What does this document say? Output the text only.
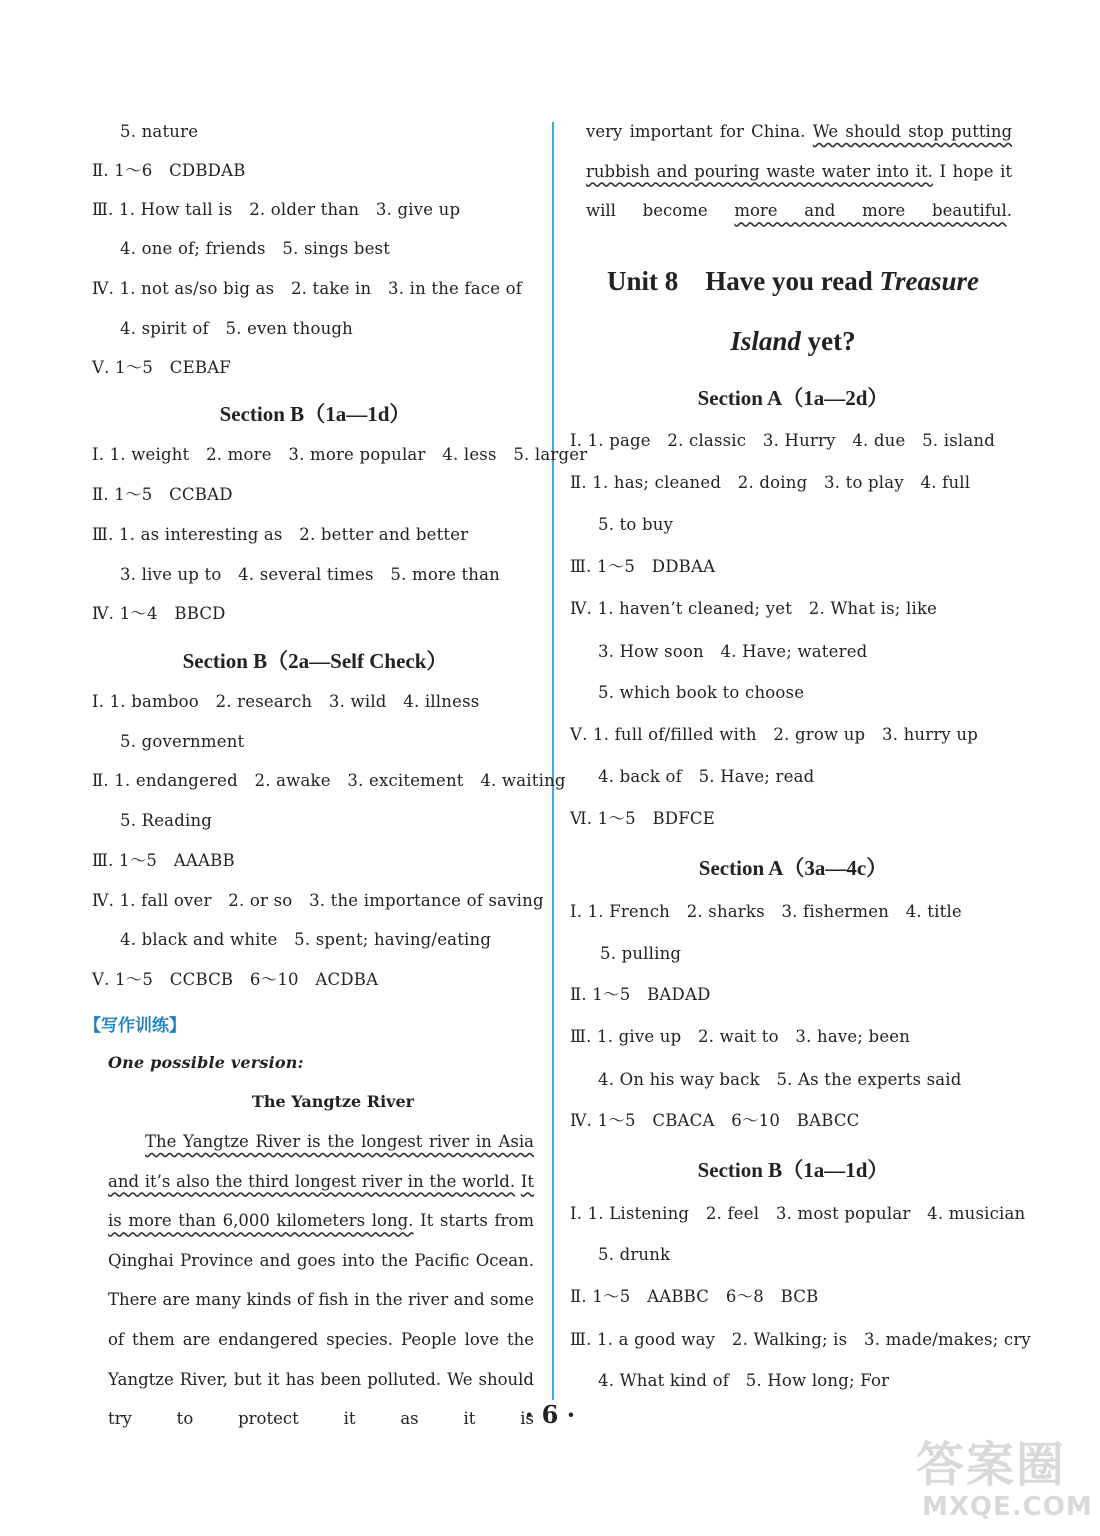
5. nature
Ⅱ. 1～6　CDBDAB
Ⅲ. 1. How tall is　2. older than　3. give up
4. one of; friends　5. sings best
Ⅳ. 1. not as/so big as　2. take in　3. in the face of
4. spirit of　5. even though
Ⅴ. 1～5　CEBAF
Section B（1a—1d）
Ⅰ. 1. weight　2. more　3. more popular　4. less　5. larger
Ⅱ. 1～5　CCBAD
Ⅲ. 1. as interesting as　2. better and better
3. live up to　4. several times　5. more than
Ⅳ. 1～4　BBCD
Section B（2a—Self Check）
Ⅰ. 1. bamboo　2. research　3. wild　4. illness
5. government
Ⅱ. 1. endangered　2. awake　3. excitement　4. waiting
5. Reading
Ⅲ. 1～5　AAABB
Ⅳ. 1. fall over　2. or so　3. the importance of saving
4. black and white　5. spent; having/eating
Ⅴ. 1～5　CCBCB　6～10　ACDBA
【写作训练】
One possible version:
The Yangtze River
The Yangtze River is the longest river in Asia and it’s also the third longest river in the world. It is more than 6,000 kilometers long. It starts from Qinghai Province and goes into the Pacific Ocean. There are many kinds of fish in the river and some of them are endangered species. People love the Yangtze River, but it has been polluted. We should try to protect it as it is
very important for China. We should stop putting rubbish and pouring waste water into it. I hope it will become more and more beautiful.
Unit 8　Have you read Treasure
Island yet?
Section A（1a—2d）
Ⅰ. 1. page　2. classic　3. Hurry　4. due　5. island
Ⅱ. 1. has; cleaned　2. doing　3. to play　4. full
5. to buy
Ⅲ. 1～5　DDBAA
Ⅳ. 1. haven’t cleaned; yet　2. What is; like
3. How soon　4. Have; watered
5. which book to choose
Ⅴ. 1. full of/filled with　2. grow up　3. hurry up
4. back of　5. Have; read
Ⅵ. 1～5　BDFCE
Section A（3a—4c）
Ⅰ. 1. French　2. sharks　3. fishermen　4. title
5. pulling
Ⅱ. 1～5　BADAD
Ⅲ. 1. give up　2. wait to　3. have; been
4. On his way back　5. As the experts said
Ⅳ. 1～5　CBACA　6～10　BABCC
Section B（1a—1d）
Ⅰ. 1. Listening　2. feel　3. most popular　4. musician
5. drunk
Ⅱ. 1～5　AABBC　6～8　BCB
Ⅲ. 1. a good way　2. Walking; is　3. made/makes; cry
4. What kind of　5. How long; For
· 6 ·
答案圈
MXQE.COM
